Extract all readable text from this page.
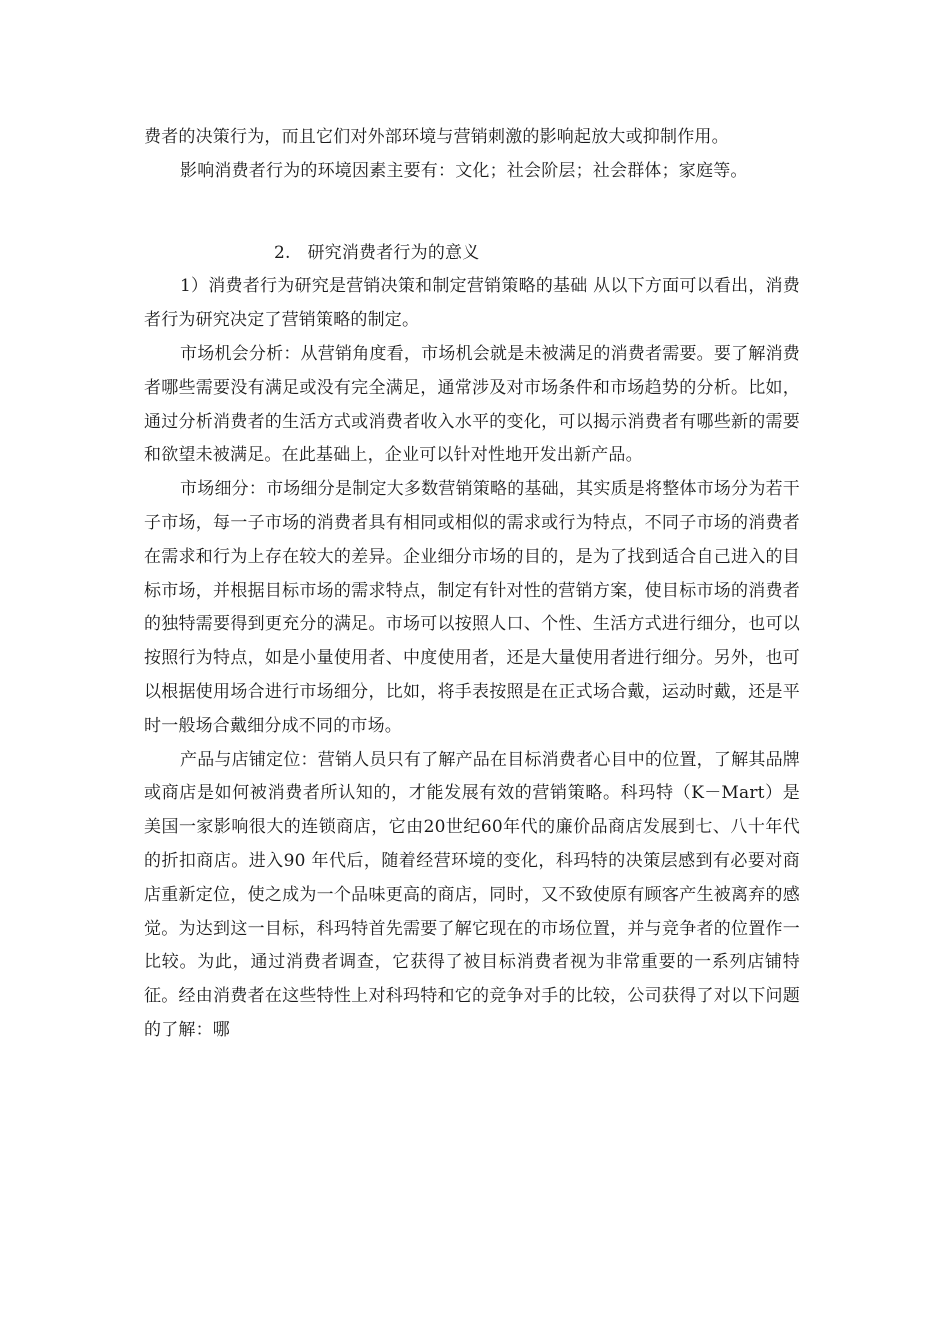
费者的决策行为，而且它们对外部环境与营销刺激的影响起放大或抑制作用。

影响消费者行为的环境因素主要有：文化；社会阶层；社会群体；家庭等。

2. 研究消费者行为的意义

1）消费者行为研究是营销决策和制定营销策略的基础 从以下方面可以看出，消费者行为研究决定了营销策略的制定。

市场机会分析：从营销角度看，市场机会就是未被满足的消费者需要。要了解消费者哪些需要没有满足或没有完全满足，通常涉及对市场条件和市场趋势的分析。比如，通过分析消费者的生活方式或消费者收入水平的变化，可以揭示消费者有哪些新的需要和欲望未被满足。在此基础上，企业可以针对性地开发出新产品。

市场细分：市场细分是制定大多数营销策略的基础，其实质是将整体市场分为若干子市场，每一子市场的消费者具有相同或相似的需求或行为特点，不同子市场的消费者在需求和行为上存在较大的差异。企业细分市场的目的，是为了找到适合自己进入的目标市场，并根据目标市场的需求特点，制定有针对性的营销方案，使目标市场的消费者的独特需要得到更充分的满足。市场可以按照人口、个性、生活方式进行细分，也可以按照行为特点，如是小量使用者、中度使用者，还是大量使用者进行细分。另外，也可以根据使用场合进行市场细分，比如，将手表按照是在正式场合戴，运动时戴，还是平时一般场合戴细分成不同的市场。

产品与店铺定位：营销人员只有了解产品在目标消费者心目中的位置，了解其品牌或商店是如何被消费者所认知的，才能发展有效的营销策略。科玛特（K－Mart）是美国一家影响很大的连锁商店，它由20世纪60年代的廉价品商店发展到七、八十年代的折扣商店。进入90 年代后，随着经营环境的变化，科玛特的决策层感到有必要对商店重新定位，使之成为一个品味更高的商店，同时，又不致使原有顾客产生被离弃的感觉。为达到这一目标，科玛特首先需要了解它现在的市场位置，并与竞争者的位置作一比较。为此，通过消费者调查，它获得了被目标消费者视为非常重要的一系列店铺特征。经由消费者在这些特性上对科玛特和它的竞争对手的比较，公司获得了对以下问题的了解：哪
